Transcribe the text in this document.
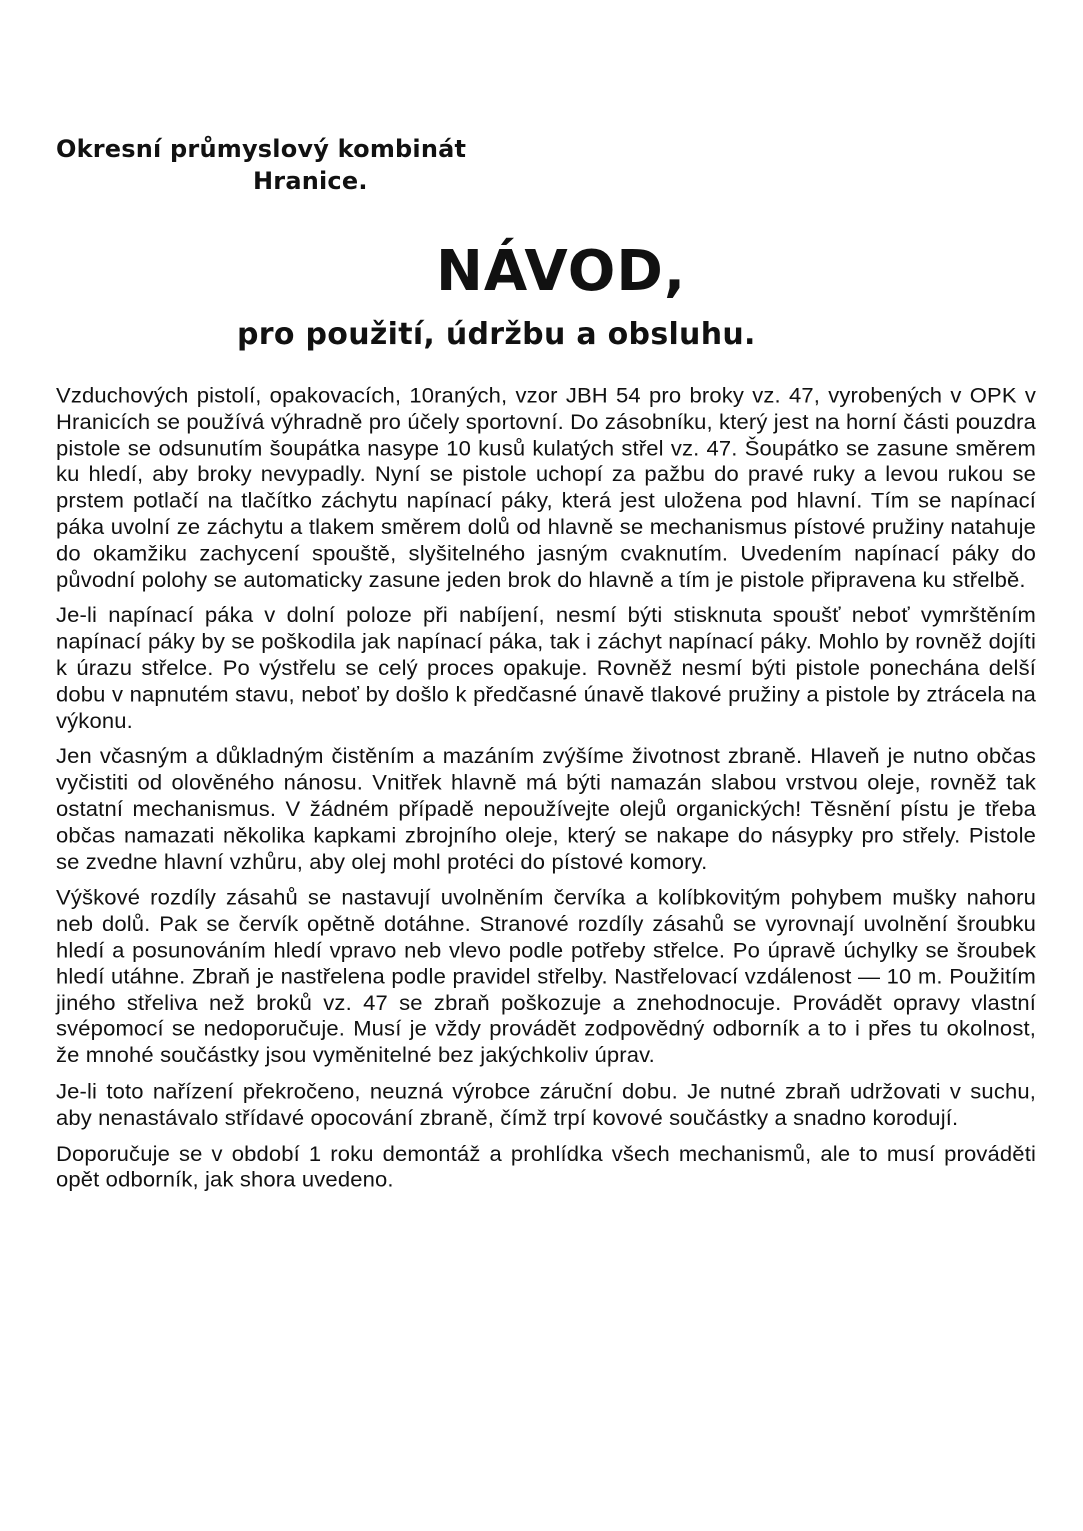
Okresní průmyslový kombinát
Hranice.
NÁVOD,
pro použití, údržbu a obsluhu.

Vzduchových pistolí, opakovacích, 10raných, vzor JBH 54 pro broky vz. 47, vyrobených v OPK v Hranicích se používá výhradně pro účely sportovní. Do zásobníku, který jest na horní části pouzdra pistole se odsunutím šoupátka nasype 10 kusů kulatých střel vz. 47. Šoupátko se zasune směrem ku hledí, aby broky nevypadly. Nyní se pistole uchopí za pažbu do pravé ruky a levou rukou se prstem potlačí na tlačítko záchytu napínací páky, která jest uložena pod hlavní. Tím se napínací páka uvolní ze záchytu a tlakem směrem dolů od hlavně se mechanismus pístové pružiny natahuje do okamžiku zachycení spouště, slyšitelného jasným cvaknutím. Uvedením napínací páky do původní polohy se automaticky zasune jeden brok do hlavně a tím je pistole připravena ku střelbě.

Je-li napínací páka v dolní poloze při nabíjení, nesmí býti stisknuta spoušť neboť vymrštěním napínací páky by se poškodila jak napínací páka, tak i záchyt napínací páky. Mohlo by rovněž dojíti k úrazu střelce. Po výstřelu se celý proces opakuje. Rovněž nesmí býti pistole ponechána delší dobu v napnutém stavu, neboť by došlo k předčasné únavě tlakové pružiny a pistole by ztrácela na výkonu.

Jen včasným a důkladným čistěním a mazáním zvýšíme životnost zbraně. Hlaveň je nutno občas vyčistiti od olověného nánosu. Vnitřek hlavně má býti namazán slabou vrstvou oleje, rovněž tak ostatní mechanismus. V žádném případě nepoužívejte olejů organických! Těsnění pístu je třeba občas namazati několika kapkami zbrojního oleje, který se nakape do násypky pro střely. Pistole se zvedne hlavní vzhůru, aby olej mohl protéci do pístové komory.

Výškové rozdíly zásahů se nastavují uvolněním červíka a kolíbkovitým pohybem mušky nahoru neb dolů. Pak se červík opětně dotáhne. Stranové rozdíly zásahů se vyrovnají uvolnění šroubku hledí a posunováním hledí vpravo neb vlevo podle potřeby střelce. Po úpravě úchylky se šroubek hledí utáhne. Zbraň je nastřelena podle pravidel střelby. Nastřelovací vzdálenost — 10 m. Použitím jiného střeliva než broků vz. 47 se zbraň poškozuje a znehodnocuje. Provádět opravy vlastní svépomocí se nedoporučuje. Musí je vždy provádět zodpovědný odborník a to i přes tu okolnost, že mnohé součástky jsou vyměnitelné bez jakýchkoliv úprav.

Je-li toto nařízení překročeno, neuzná výrobce záruční dobu. Je nutné zbraň udržovati v suchu, aby nenastávalo střídavé opocování zbraně, čímž trpí kovové součástky a snadno korodují.

Doporučuje se v období 1 roku demontáž a prohlídka všech mechanismů, ale to musí prováděti opět odborník, jak shora uvedeno.
